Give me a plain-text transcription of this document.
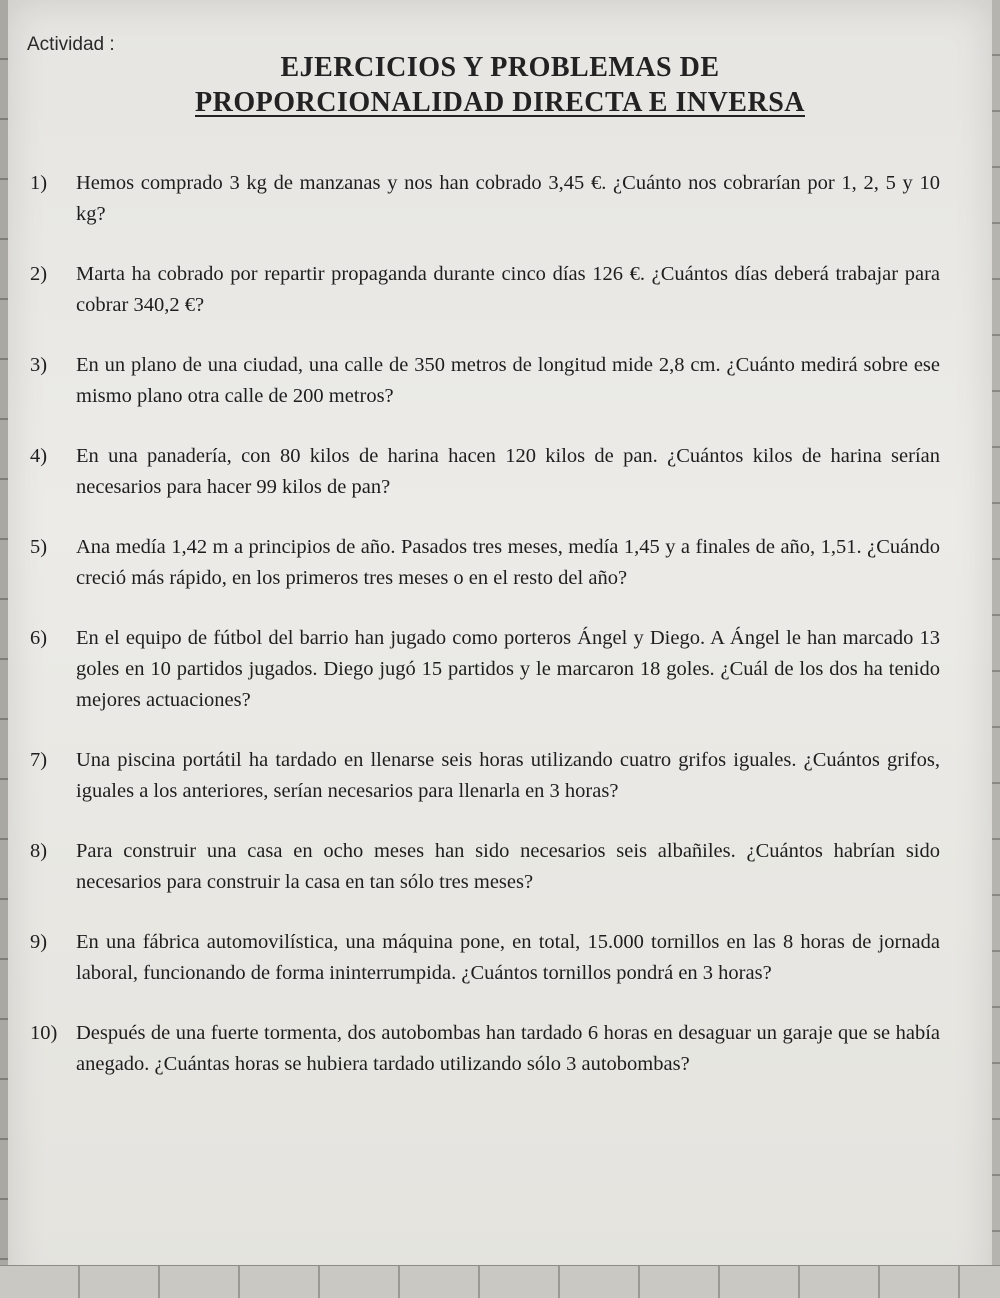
Actividad :
EJERCICIOS Y PROBLEMAS DE
PROPORCIONALIDAD DIRECTA E INVERSA
1)	Hemos comprado 3 kg de manzanas y nos han cobrado 3,45 €. ¿Cuánto nos cobrarían por 1, 2, 5 y 10 kg?
2)	Marta ha cobrado por repartir propaganda durante cinco días 126 €. ¿Cuántos días deberá trabajar para cobrar 340,2 €?
3)	En un plano de una ciudad, una calle de 350 metros de longitud mide 2,8 cm. ¿Cuánto medirá sobre ese mismo plano otra calle de 200 metros?
4)	En una panadería, con 80 kilos de harina hacen 120 kilos de pan. ¿Cuántos kilos de harina serían necesarios para hacer 99 kilos de pan?
5)	Ana medía 1,42 m a principios de año. Pasados tres meses, medía 1,45 y a finales de año, 1,51. ¿Cuándo creció más rápido, en los primeros tres meses o en el resto del año?
6)	En el equipo de fútbol del barrio han jugado como porteros Ángel y Diego. A Ángel le han marcado 13 goles en 10 partidos jugados. Diego jugó 15 partidos y le marcaron 18 goles. ¿Cuál de los dos ha tenido mejores actuaciones?
7)	Una piscina portátil ha tardado en llenarse seis horas utilizando cuatro grifos iguales. ¿Cuántos grifos, iguales a los anteriores, serían necesarios para llenarla en 3 horas?
8)	Para construir una casa en ocho meses han sido necesarios seis albañiles. ¿Cuántos habrían sido necesarios para construir la casa en tan sólo tres meses?
9)	En una fábrica automovilística, una máquina pone, en total, 15.000 tornillos en las 8 horas de jornada laboral, funcionando de forma ininterrumpida. ¿Cuántos tornillos pondrá en 3 horas?
10) Después de una fuerte tormenta, dos autobombas han tardado 6 horas en desaguar un garaje que se había anegado. ¿Cuántas horas se hubiera tardado utilizando sólo 3 autobombas?
